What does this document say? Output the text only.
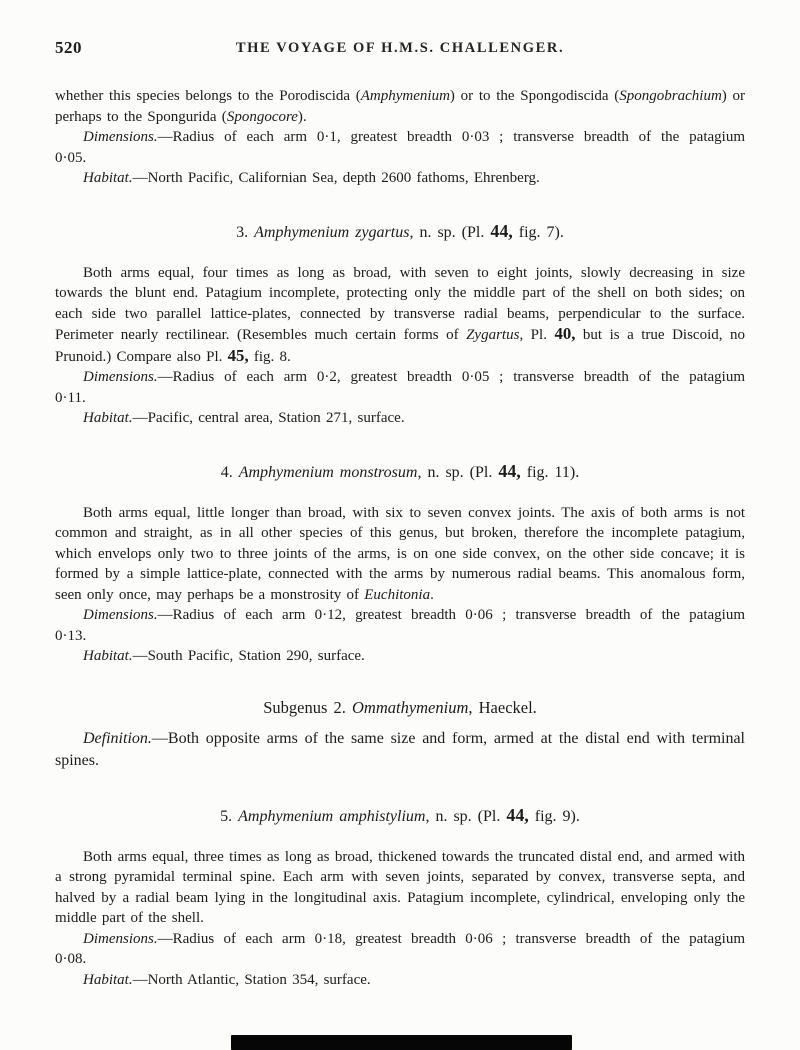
520	THE VOYAGE OF H.M.S. CHALLENGER.

whether this species belongs to the Porodiscida (Amphymenium) or to the Spongodiscida (Spongobrachium) or perhaps to the Spongurida (Spongocore).

Dimensions.—Radius of each arm 0·1, greatest breadth 0·03 ; transverse breadth of the patagium 0·05.

Habitat.—North Pacific, Californian Sea, depth 2600 fathoms, Ehrenberg.

3. Amphymenium zygartus, n. sp. (Pl. 44, fig. 7).

Both arms equal, four times as long as broad, with seven to eight joints, slowly decreasing in size towards the blunt end. Patagium incomplete, protecting only the middle part of the shell on both sides; on each side two parallel lattice-plates, connected by transverse radial beams, perpendicular to the surface. Perimeter nearly rectilinear. (Resembles much certain forms of Zygartus, Pl. 40, but is a true Discoid, no Prunoid.) Compare also Pl. 45, fig. 8.

Dimensions.—Radius of each arm 0·2, greatest breadth 0·05 ; transverse breadth of the patagium 0·11.

Habitat.—Pacific, central area, Station 271, surface.

4. Amphymenium monstrosum, n. sp. (Pl. 44, fig. 11).

Both arms equal, little longer than broad, with six to seven convex joints. The axis of both arms is not common and straight, as in all other species of this genus, but broken, therefore the incomplete patagium, which envelops only two to three joints of the arms, is on one side convex, on the other side concave; it is formed by a simple lattice-plate, connected with the arms by numerous radial beams. This anomalous form, seen only once, may perhaps be a monstrosity of Euchitonia.

Dimensions.—Radius of each arm 0·12, greatest breadth 0·06 ; transverse breadth of the patagium 0·13.

Habitat.—South Pacific, Station 290, surface.

Subgenus 2. Ommathymenium, Haeckel.

Definition.—Both opposite arms of the same size and form, armed at the distal end with terminal spines.

5. Amphymenium amphistylium, n. sp. (Pl. 44, fig. 9).

Both arms equal, three times as long as broad, thickened towards the truncated distal end, and armed with a strong pyramidal terminal spine. Each arm with seven joints, separated by convex, transverse septa, and halved by a radial beam lying in the longitudinal axis. Patagium incomplete, cylindrical, enveloping only the middle part of the shell.

Dimensions.—Radius of each arm 0·18, greatest breadth 0·06 ; transverse breadth of the patagium 0·08.

Habitat.—North Atlantic, Station 354, surface.
